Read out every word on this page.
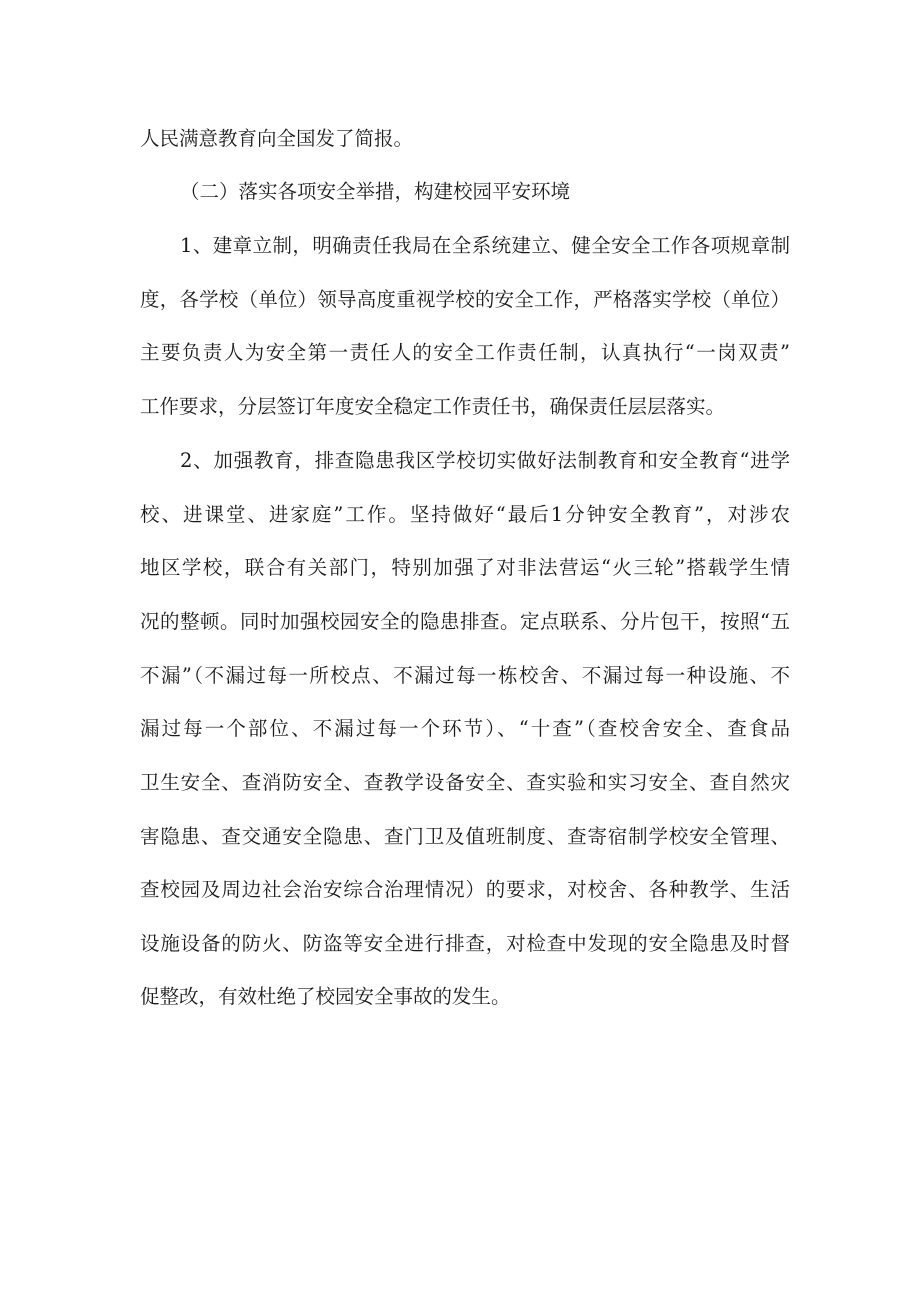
人民满意教育向全国发了简报。
（二）落实各项安全举措，构建校园平安环境
1、建章立制，明确责任我局在全系统建立、健全安全工作各项规章制
度，各学校（单位）领导高度重视学校的安全工作，严格落实学校（单位）
主要负责人为安全第一责任人的安全工作责任制，认真执行“一岗双责”
工作要求，分层签订年度安全稳定工作责任书，确保责任层层落实。
2、加强教育，排查隐患我区学校切实做好法制教育和安全教育“进学
校、进课堂、进家庭”工作。坚持做好“最后1分钟安全教育”，对涉农
地区学校，联合有关部门，特别加强了对非法营运“火三轮”搭载学生情
况的整顿。同时加强校园安全的隐患排查。定点联系、分片包干，按照“五
不漏”（不漏过每一所校点、不漏过每一栋校舍、不漏过每一种设施、不
漏过每一个部位、不漏过每一个环节）、“十查”（查校舍安全、查食品
卫生安全、查消防安全、查教学设备安全、查实验和实习安全、查自然灾
害隐患、查交通安全隐患、查门卫及值班制度、查寄宿制学校安全管理、
查校园及周边社会治安综合治理情况）的要求，对校舍、各种教学、生活
设施设备的防火、防盗等安全进行排查，对检查中发现的安全隐患及时督
促整改，有效杜绝了校园安全事故的发生。
